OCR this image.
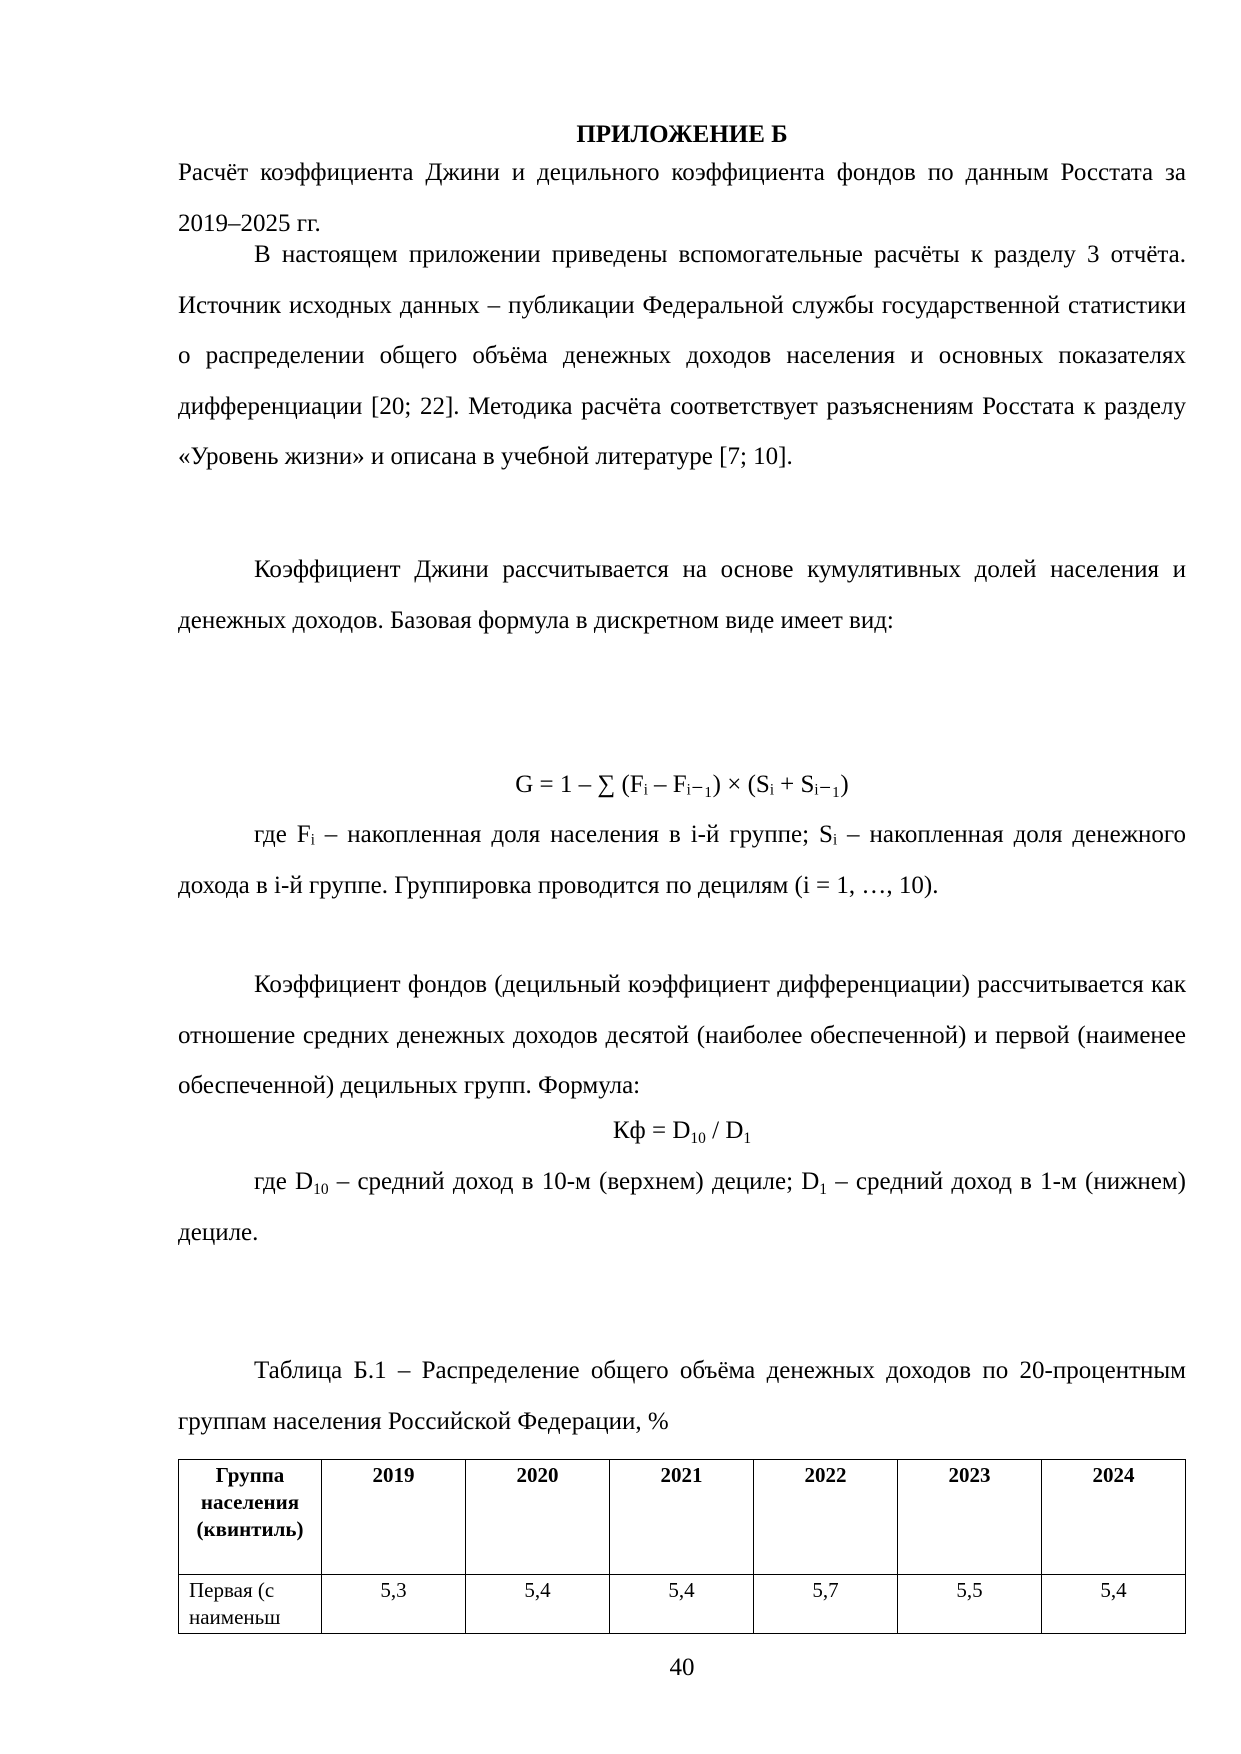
ПРИЛОЖЕНИЕ Б

Расчёт коэффициента Джини и децильного коэффициента фондов по данным Росстата за 2019–2025 гг.

В настоящем приложении приведены вспомогательные расчёты к разделу 3 отчёта. Источник исходных данных – публикации Федеральной службы государственной статистики о распределении общего объёма денежных доходов населения и основных показателях дифференциации [20; 22]. Методика расчёта соответствует разъяснениям Росстата к разделу «Уровень жизни» и описана в учебной литературе [7; 10].

Коэффициент Джини рассчитывается на основе кумулятивных долей населения и денежных доходов. Базовая формула в дискретном виде имеет вид:

G = 1 – ∑ (Fᵢ – Fᵢ₋₁) × (Sᵢ + Sᵢ₋₁)

где Fᵢ – накопленная доля населения в i-й группе; Sᵢ – накопленная доля денежного дохода в i-й группе. Группировка проводится по децилям (i = 1, …, 10).

Коэффициент фондов (децильный коэффициент дифференциации) рассчитывается как отношение средних денежных доходов десятой (наиболее обеспеченной) и первой (наименее обеспеченной) децильных групп. Формула:

Кф = $D_{10} / D_1$

где $D_{10}$ – средний доход в 10-м (верхнем) дециле; $D_1$ – средний доход в 1-м (нижнем) дециле.

Таблица Б.1 – Распределение общего объёма денежных доходов по 20-процентным группам населения Российской Федерации, %

Группа населения (квинтиль)	2019	2020	2021	2022	2023	2024
Первая (с наименьш	5,3	5,4	5,4	5,7	5,5	5,4
40
